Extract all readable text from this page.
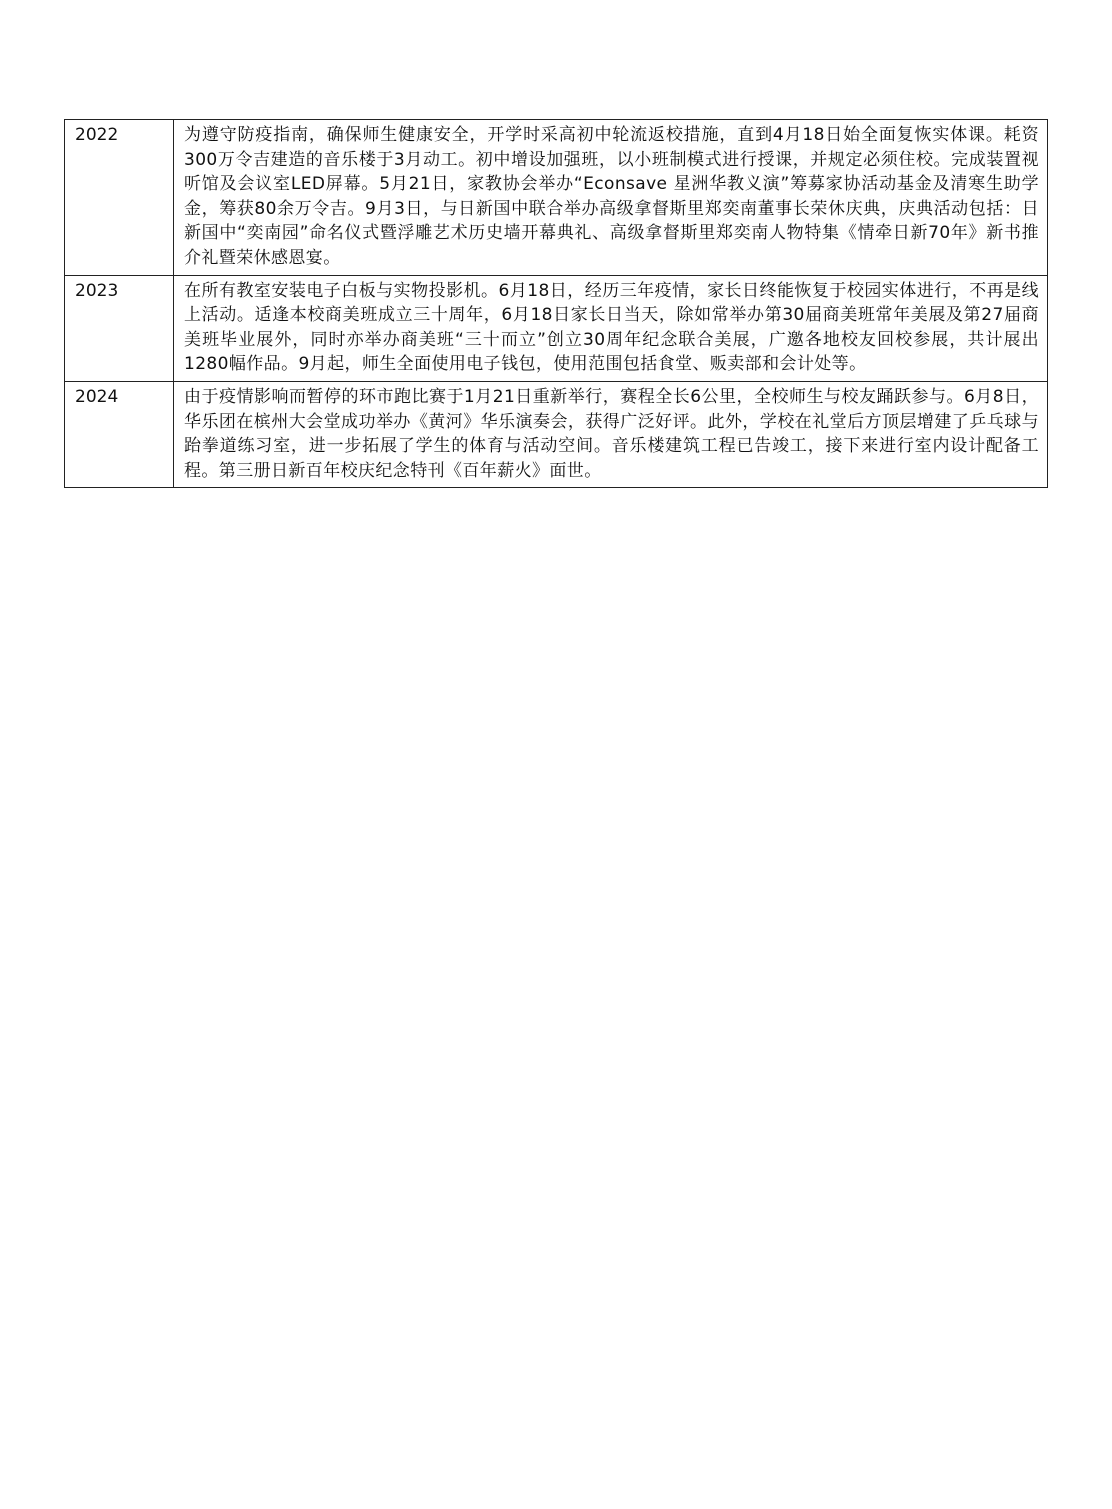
2022	为遵守防疫指南，确保师生健康安全，开学时采高初中轮流返校措施，直到4月18日始全面复恢实体课。耗资300万令吉建造的音乐楼于3月动工。初中增设加强班，以小班制模式进行授课，并规定必须住校。完成装置视听馆及会议室LED屏幕。5月21日，家教协会举办“Econsave 星洲华教义演”筹募家协活动基金及清寒生助学金，筹获80余万令吉。9月3日，与日新国中联合举办高级拿督斯里郑奕南董事长荣休庆典，庆典活动包括：日新国中“奕南园”命名仪式暨浮雕艺术历史墙开幕典礼、高级拿督斯里郑奕南人物特集《情牵日新70年》新书推介礼暨荣休感恩宴。
2023	在所有教室安装电子白板与实物投影机。6月18日，经历三年疫情，家长日终能恢复于校园实体进行，不再是线上活动。适逢本校商美班成立三十周年，6月18日家长日当天，除如常举办第30届商美班常年美展及第27届商美班毕业展外，同时亦举办商美班“三十而立”创立30周年纪念联合美展，广邀各地校友回校参展，共计展出1280幅作品。9月起，师生全面使用电子钱包，使用范围包括食堂、贩卖部和会计处等。
2024	由于疫情影响而暂停的环市跑比赛于1月21日重新举行，赛程全长6公里，全校师生与校友踊跃参与。6月8日，华乐团在槟州大会堂成功举办《黄河》华乐演奏会，获得广泛好评。此外，学校在礼堂后方顶层增建了乒乓球与跆拳道练习室，进一步拓展了学生的体育与活动空间。音乐楼建筑工程已告竣工，接下来进行室内设计配备工程。第三册日新百年校庆纪念特刊《百年薪火》面世。
